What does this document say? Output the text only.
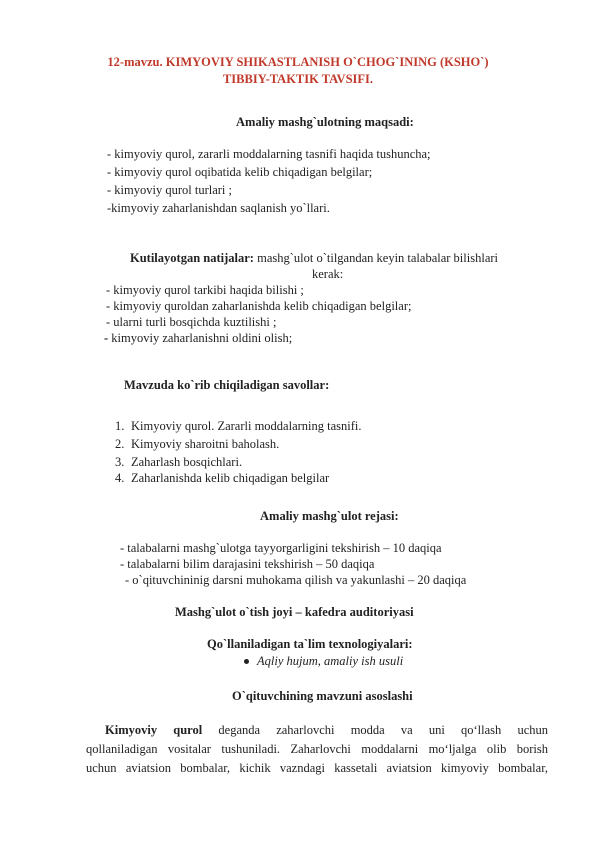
12-mavzu. KIMYOVIY SHIKASTLANISH O`CHOG`INING (KSHO`)
TIBBIY-TAKTIK TAVSIFI.
Amaliy mashg`ulotning maqsadi:
- kimyoviy qurol, zararli moddalarning tasnifi haqida tushuncha;
- kimyoviy qurol oqibatida kelib chiqadigan belgilar;
- kimyoviy qurol turlari ;
-kimyoviy zaharlanishdan saqlanish yo`llari.
Kutilayotgan natijalar: mashg`ulot o`tilgandan keyin talabalar bilishlari
kerak:
- kimyoviy qurol tarkibi haqida bilishi ;
- kimyoviy quroldan zaharlanishda kelib chiqadigan belgilar;
- ularni turli bosqichda kuztilishi ;
- kimyoviy zaharlanishni oldini olish;
Mavzuda ko`rib chiqiladigan savollar:
1. Kimyoviy qurol. Zararli moddalarning tasnifi.
2. Kimyoviy sharoitni baholash.
3. Zaharlash bosqichlari.
4. Zaharlanishda kelib chiqadigan belgilar
Amaliy mashg`ulot rejasi:
- talabalarni mashg`ulotga tayyorgarligini tekshirish – 10 daqiqa
- talabalarni bilim darajasini tekshirish – 50 daqiqa
- o`qituvchininig darsni muhokama qilish va yakunlashi – 20 daqiqa
Mashg`ulot o`tish joyi – kafedra auditoriyasi
Qo`llaniladigan ta`lim texnologiyalari:
Aqliy hujum, amaliy ish usuli
O`qituvchining mavzuni asoslashi
Kimyoviy qurol deganda zaharlovchi modda va uni qo‘llash uchun
qollaniladigan vositalar tushuniladi. Zaharlovchi moddalarni mo‘ljalga olib borish
uchun aviatsion bombalar, kichik vazndagi kassetali aviatsion kimyoviy bombalar,
